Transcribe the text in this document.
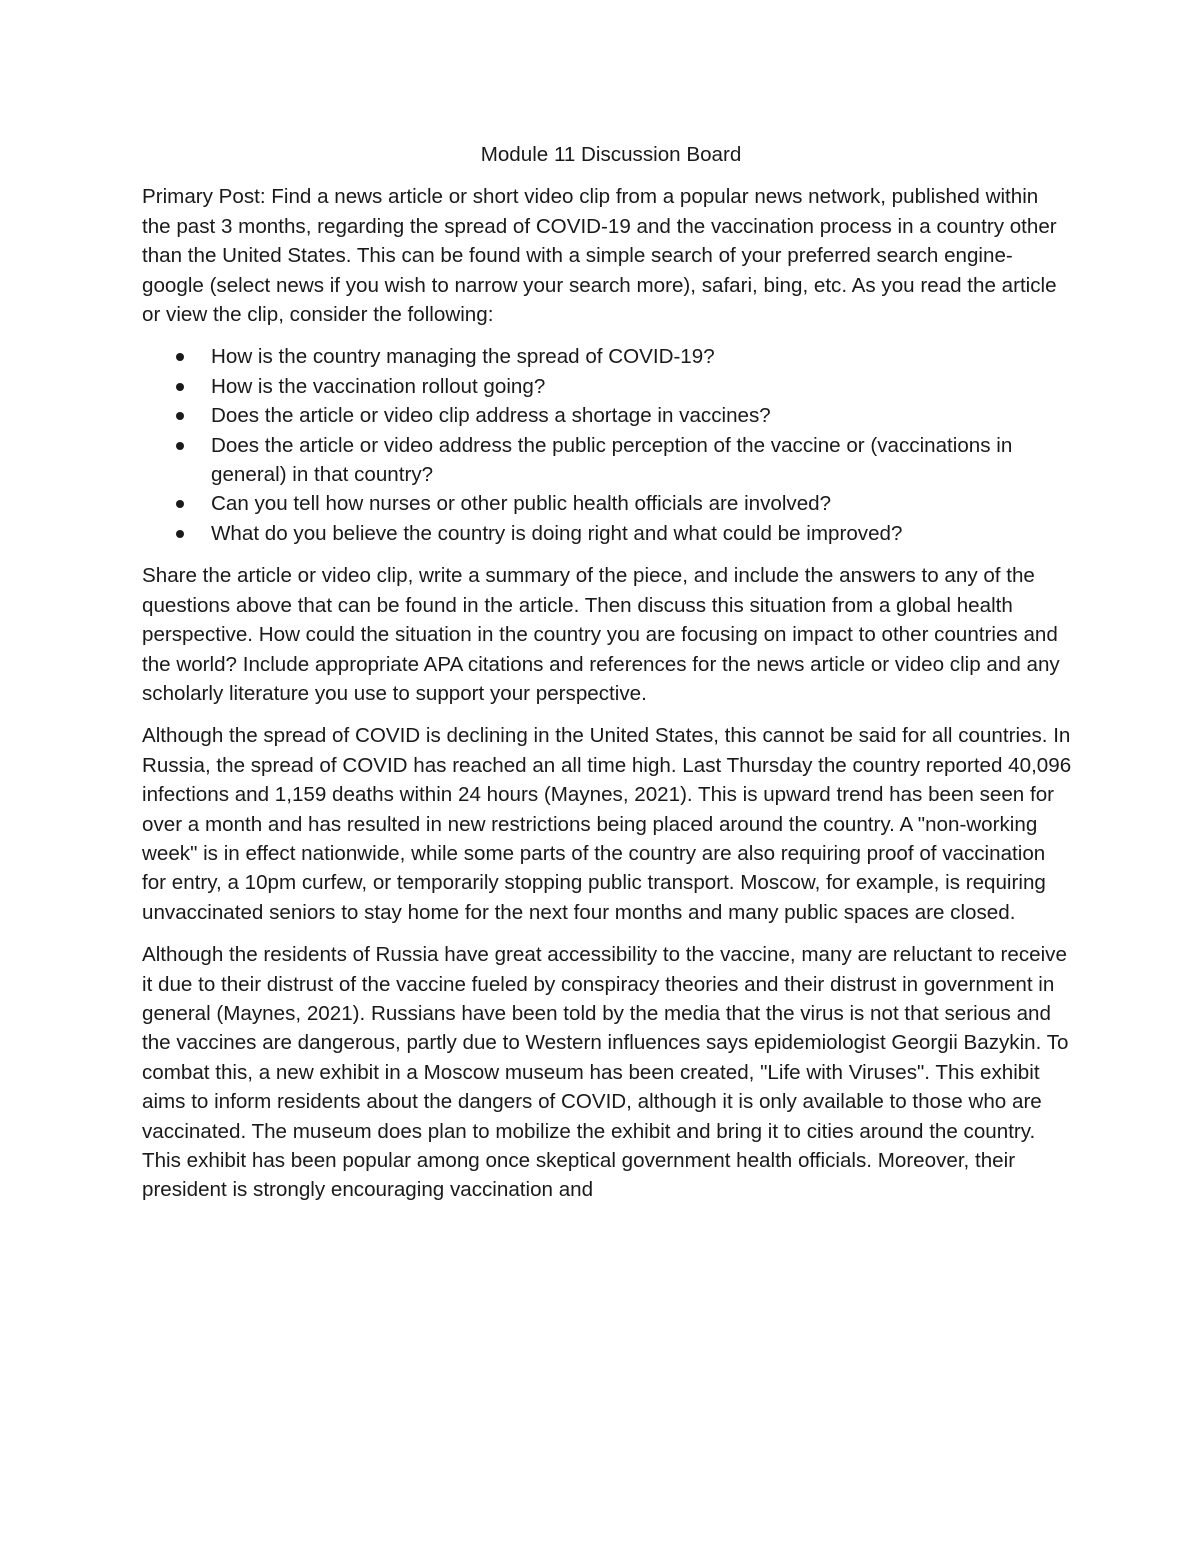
Module 11 Discussion Board

Primary Post: Find a news article or short video clip from a popular news network, published within the past 3 months, regarding the spread of COVID-19 and the vaccination process in a country other than the United States. This can be found with a simple search of your preferred search engine- google (select news if you wish to narrow your search more), safari, bing, etc. As you read the article or view the clip, consider the following:

How is the country managing the spread of COVID-19?
How is the vaccination rollout going?
Does the article or video clip address a shortage in vaccines?
Does the article or video address the public perception of the vaccine or (vaccinations in general) in that country?
Can you tell how nurses or other public health officials are involved?
What do you believe the country is doing right and what could be improved?

Share the article or video clip, write a summary of the piece, and include the answers to any of the questions above that can be found in the article. Then discuss this situation from a global health perspective. How could the situation in the country you are focusing on impact to other countries and the world? Include appropriate APA citations and references for the news article or video clip and any scholarly literature you use to support your perspective.

Although the spread of COVID is declining in the United States, this cannot be said for all countries. In Russia, the spread of COVID has reached an all time high. Last Thursday the country reported 40,096 infections and 1,159 deaths within 24 hours (Maynes, 2021). This is upward trend has been seen for over a month and has resulted in new restrictions being placed around the country. A "non-working week" is in effect nationwide, while some parts of the country are also requiring proof of vaccination for entry, a 10pm curfew, or temporarily stopping public transport. Moscow, for example, is requiring unvaccinated seniors to stay home for the next four months and many public spaces are closed.

Although the residents of Russia have great accessibility to the vaccine, many are reluctant to receive it due to their distrust of the vaccine fueled by conspiracy theories and their distrust in government in general (Maynes, 2021). Russians have been told by the media that the virus is not that serious and the vaccines are dangerous, partly due to Western influences says epidemiologist Georgii Bazykin. To combat this, a new exhibit in a Moscow museum has been created, "Life with Viruses". This exhibit aims to inform residents about the dangers of COVID, although it is only available to those who are vaccinated. The museum does plan to mobilize the exhibit and bring it to cities around the country. This exhibit has been popular among once skeptical government health officials. Moreover, their president is strongly encouraging vaccination and
